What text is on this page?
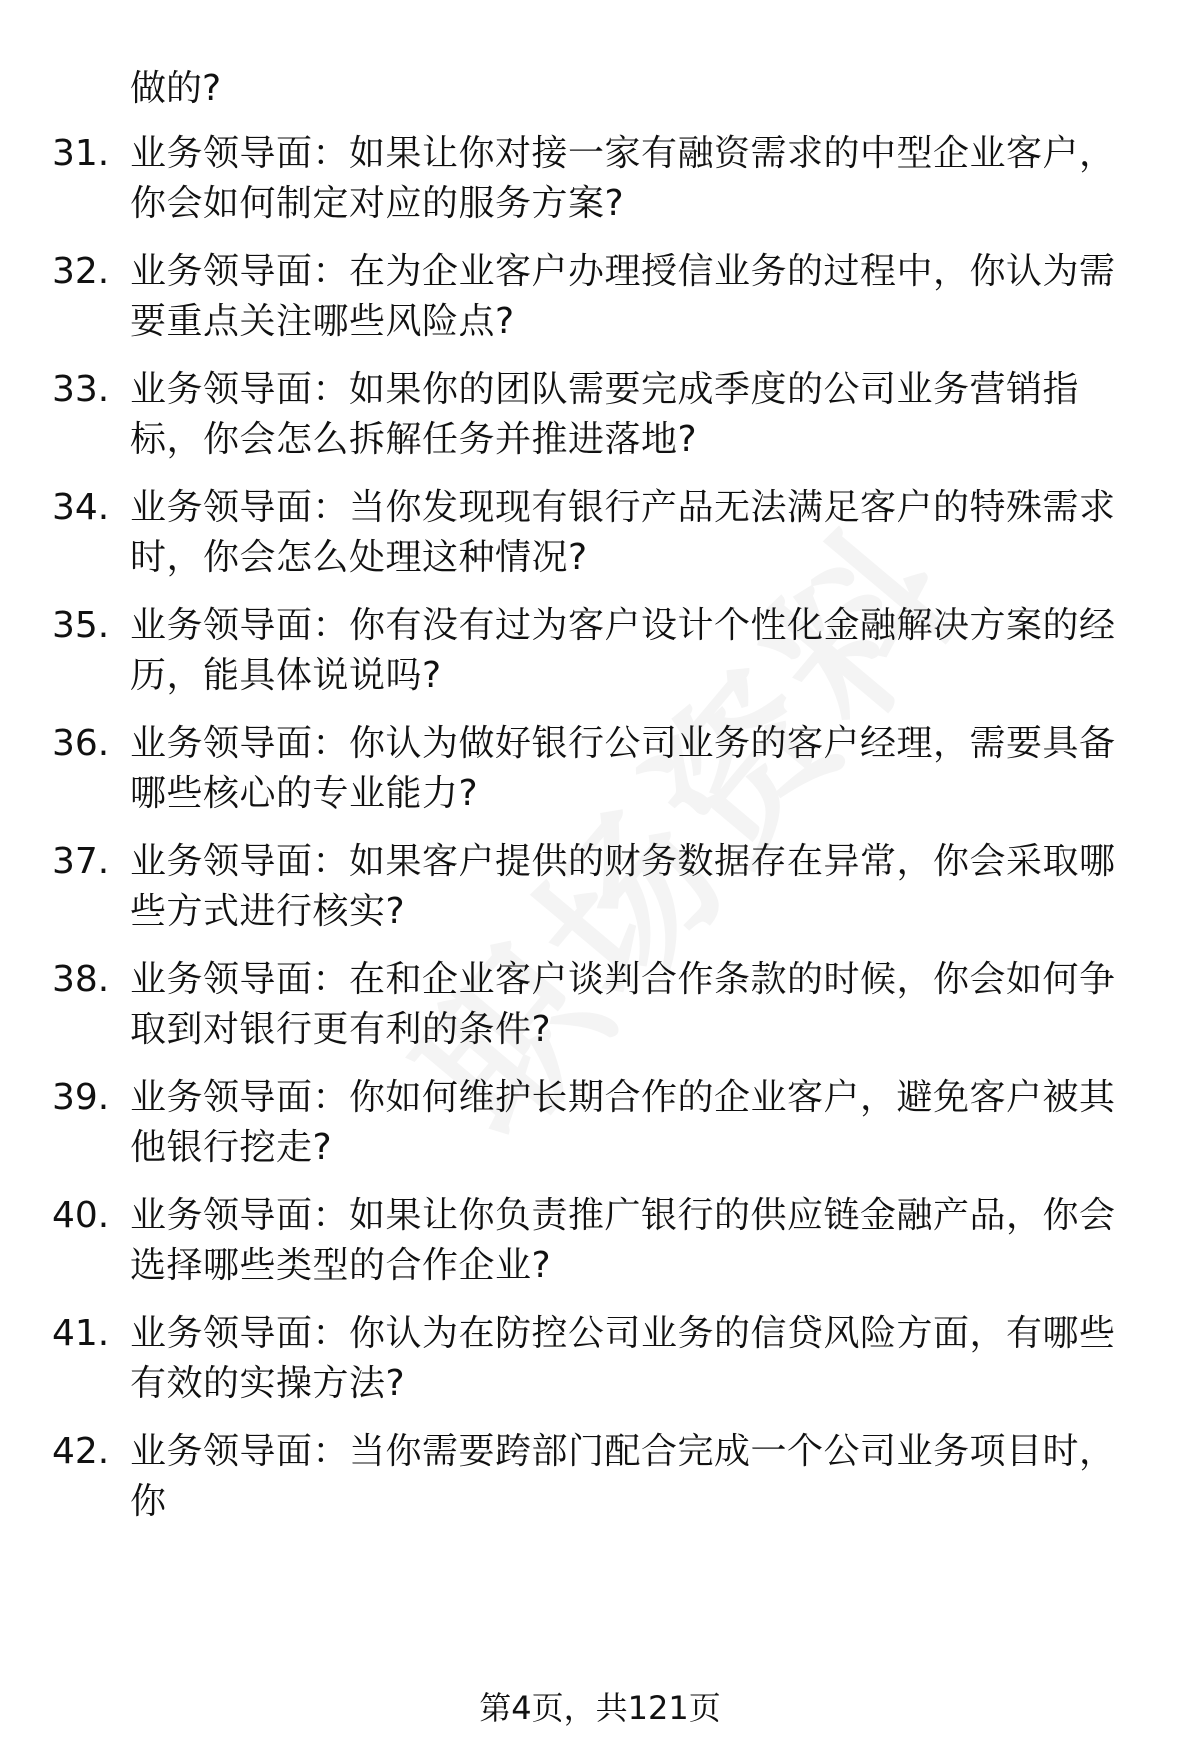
做的?

31. 业务领导面：如果让你对接一家有融资需求的中型企业客户，你会如何制定对应的服务方案?
32. 业务领导面：在为企业客户办理授信业务的过程中，你认为需要重点关注哪些风险点?
33. 业务领导面：如果你的团队需要完成季度的公司业务营销指标，你会怎么拆解任务并推进落地?
34. 业务领导面：当你发现现有银行产品无法满足客户的特殊需求时，你会怎么处理这种情况?
35. 业务领导面：你有没有过为客户设计个性化金融解决方案的经历，能具体说说吗?
36. 业务领导面：你认为做好银行公司业务的客户经理，需要具备哪些核心的专业能力?
37. 业务领导面：如果客户提供的财务数据存在异常，你会采取哪些方式进行核实?
38. 业务领导面：在和企业客户谈判合作条款的时候，你会如何争取到对银行更有利的条件?
39. 业务领导面：你如何维护长期合作的企业客户，避免客户被其他银行挖走?
40. 业务领导面：如果让你负责推广银行的供应链金融产品，你会选择哪些类型的合作企业?
41. 业务领导面：你认为在防控公司业务的信贷风险方面，有哪些有效的实操方法?
42. 业务领导面：当你需要跨部门配合完成一个公司业务项目时，你
第4页，共121页
